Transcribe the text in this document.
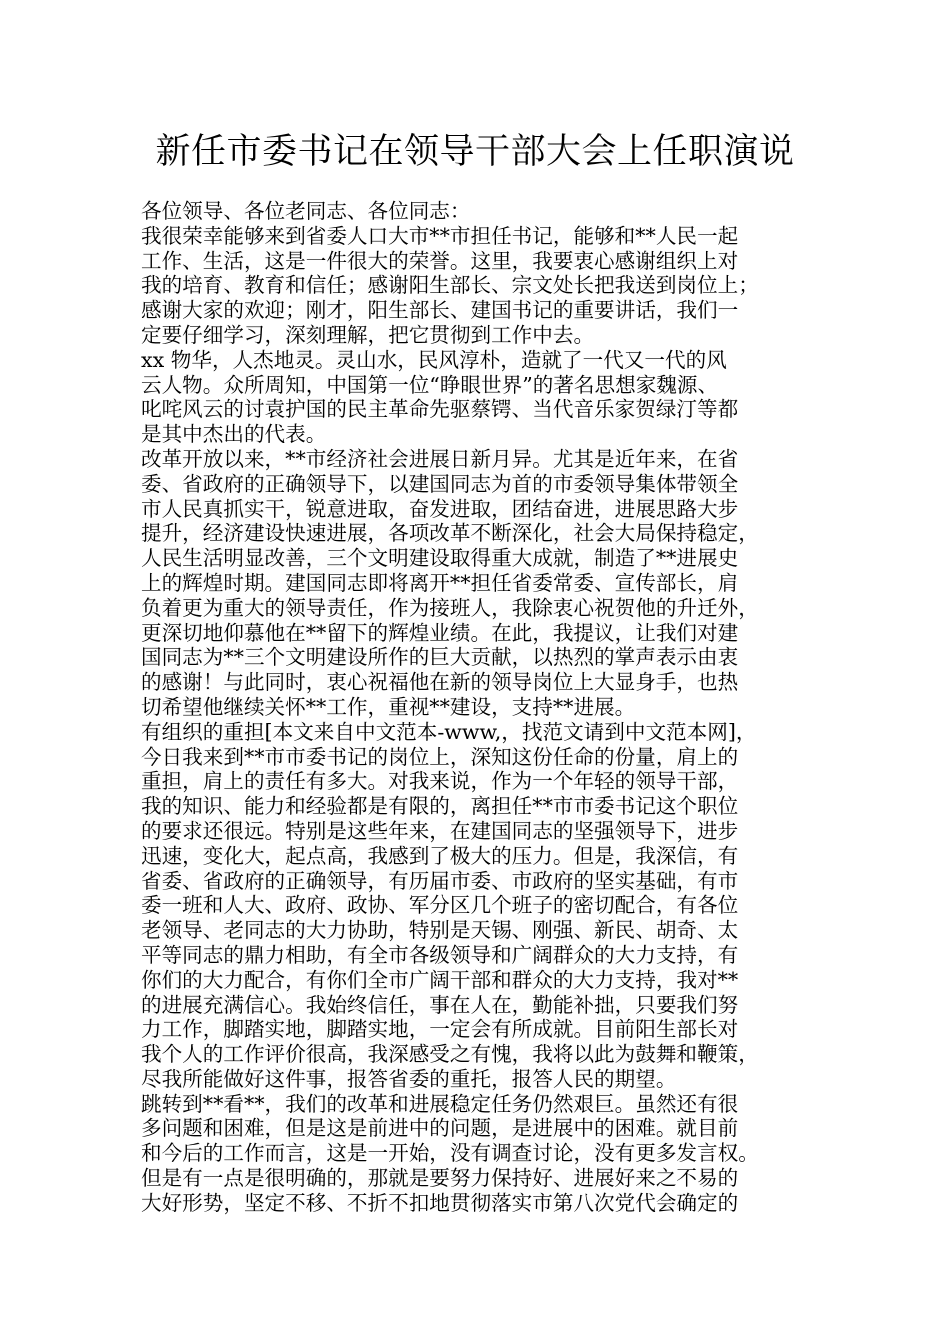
新任市委书记在领导干部大会上任职演说
各位领导、各位老同志、各位同志：
我很荣幸能够来到省委人口大市**市担任书记，能够和**人民一起
工作、生活，这是一件很大的荣誉。这里，我要衷心感谢组织上对
我的培育、教育和信任；感谢阳生部长、宗文处长把我送到岗位上；
感谢大家的欢迎；刚才，阳生部长、建国书记的重要讲话，我们一
定要仔细学习，深刻理解，把它贯彻到工作中去。
xx 物华，人杰地灵。灵山水，民风淳朴，造就了一代又一代的风
云人物。众所周知，中国第一位“睁眼世界”的著名思想家魏源、
叱咤风云的讨袁护国的民主革命先驱蔡锷、当代音乐家贺绿汀等都
是其中杰出的代表。
改革开放以来，**市经济社会进展日新月异。尤其是近年来，在省
委、省政府的正确领导下，以建国同志为首的市委领导集体带领全
市人民真抓实干，锐意进取，奋发进取，团结奋进，进展思路大步
提升，经济建设快速进展，各项改革不断深化，社会大局保持稳定，
人民生活明显改善，三个文明建设取得重大成就，制造了**进展史
上的辉煌时期。建国同志即将离开**担任省委常委、宣传部长，肩
负着更为重大的领导责任，作为接班人，我除衷心祝贺他的升迁外，
更深切地仰慕他在**留下的辉煌业绩。在此，我提议，让我们对建
国同志为**三个文明建设所作的巨大贡献，以热烈的掌声表示由衷
的感谢！与此同时，衷心祝福他在新的领导岗位上大显身手，也热
切希望他继续关怀**工作，重视**建设，支持**进展。
有组织的重担[本文来自中文范本-www,，找范文请到中文范本网]，
今日我来到**市市委书记的岗位上，深知这份任命的份量，肩上的
重担，肩上的责任有多大。对我来说，作为一个年轻的领导干部，
我的知识、能力和经验都是有限的，离担任**市市委书记这个职位
的要求还很远。特别是这些年来，在建国同志的坚强领导下，进步
迅速，变化大，起点高，我感到了极大的压力。但是，我深信，有
省委、省政府的正确领导，有历届市委、市政府的坚实基础，有市
委一班和人大、政府、政协、军分区几个班子的密切配合，有各位
老领导、老同志的大力协助，特别是天锡、刚强、新民、胡奇、太
平等同志的鼎力相助，有全市各级领导和广阔群众的大力支持，有
你们的大力配合，有你们全市广阔干部和群众的大力支持，我对**
的进展充满信心。我始终信任，事在人在，勤能补拙，只要我们努
力工作，脚踏实地，脚踏实地，一定会有所成就。目前阳生部长对
我个人的工作评价很高，我深感受之有愧，我将以此为鼓舞和鞭策，
尽我所能做好这件事，报答省委的重托，报答人民的期望。
跳转到**看**，我们的改革和进展稳定任务仍然艰巨。虽然还有很
多问题和困难，但是这是前进中的问题，是进展中的困难。就目前
和今后的工作而言，这是一开始，没有调查讨论，没有更多发言权。
但是有一点是很明确的，那就是要努力保持好、进展好来之不易的
大好形势，坚定不移、不折不扣地贯彻落实市第八次党代会确定的
